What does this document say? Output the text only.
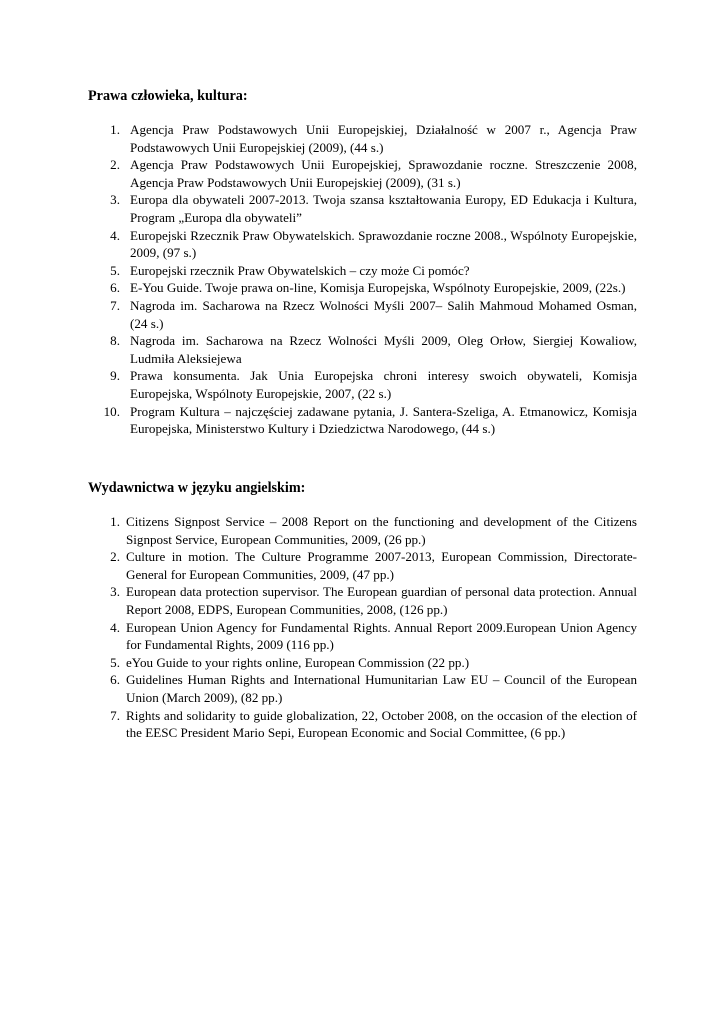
Prawa człowieka, kultura:
1. Agencja Praw Podstawowych Unii Europejskiej, Działalność w 2007 r., Agencja Praw Podstawowych Unii Europejskiej (2009), (44 s.)
2. Agencja Praw Podstawowych Unii Europejskiej, Sprawozdanie roczne. Streszczenie 2008, Agencja Praw Podstawowych Unii Europejskiej (2009), (31 s.)
3. Europa dla obywateli 2007-2013. Twoja szansa kształtowania Europy, ED Edukacja i Kultura, Program „Europa dla obywateli”
4. Europejski Rzecznik Praw Obywatelskich. Sprawozdanie roczne 2008., Wspólnoty Europejskie, 2009, (97 s.)
5. Europejski rzecznik Praw Obywatelskich – czy może Ci pomóc?
6. E-You Guide. Twoje prawa on-line, Komisja Europejska, Wspólnoty Europejskie, 2009, (22s.)
7. Nagroda im. Sacharowa na Rzecz Wolności Myśli 2007– Salih Mahmoud Mohamed Osman, (24 s.)
8. Nagroda im. Sacharowa na Rzecz Wolności Myśli 2009, Oleg Orłow, Siergiej Kowaliow, Ludmiła Aleksiejewa
9. Prawa konsumenta. Jak Unia Europejska chroni interesy swoich obywateli, Komisja Europejska, Wspólnoty Europejskie, 2007, (22 s.)
10. Program Kultura – najczęściej zadawane pytania, J. Santera-Szeliga, A. Etmanowicz, Komisja Europejska, Ministerstwo Kultury i Dziedzictwa Narodowego, (44 s.)
Wydawnictwa w języku angielskim:
1. Citizens Signpost Service – 2008 Report on the functioning and development of the Citizens Signpost Service, European Communities, 2009, (26 pp.)
2. Culture in motion. The Culture Programme 2007-2013, European Commission, Directorate-General for European Communities, 2009, (47 pp.)
3. European data protection supervisor. The European guardian of personal data protection. Annual Report 2008, EDPS, European Communities, 2008, (126 pp.)
4. European Union Agency for Fundamental Rights. Annual Report 2009.European Union Agency for Fundamental Rights, 2009 (116 pp.)
5. eYou Guide to your rights online, European Commission (22 pp.)
6. Guidelines Human Rights and International Humunitarian Law EU – Council of the European Union (March 2009), (82 pp.)
7. Rights and solidarity to guide globalization, 22, October 2008, on the occasion of the election of the EESC President Mario Sepi, European Economic and Social Committee, (6 pp.)
